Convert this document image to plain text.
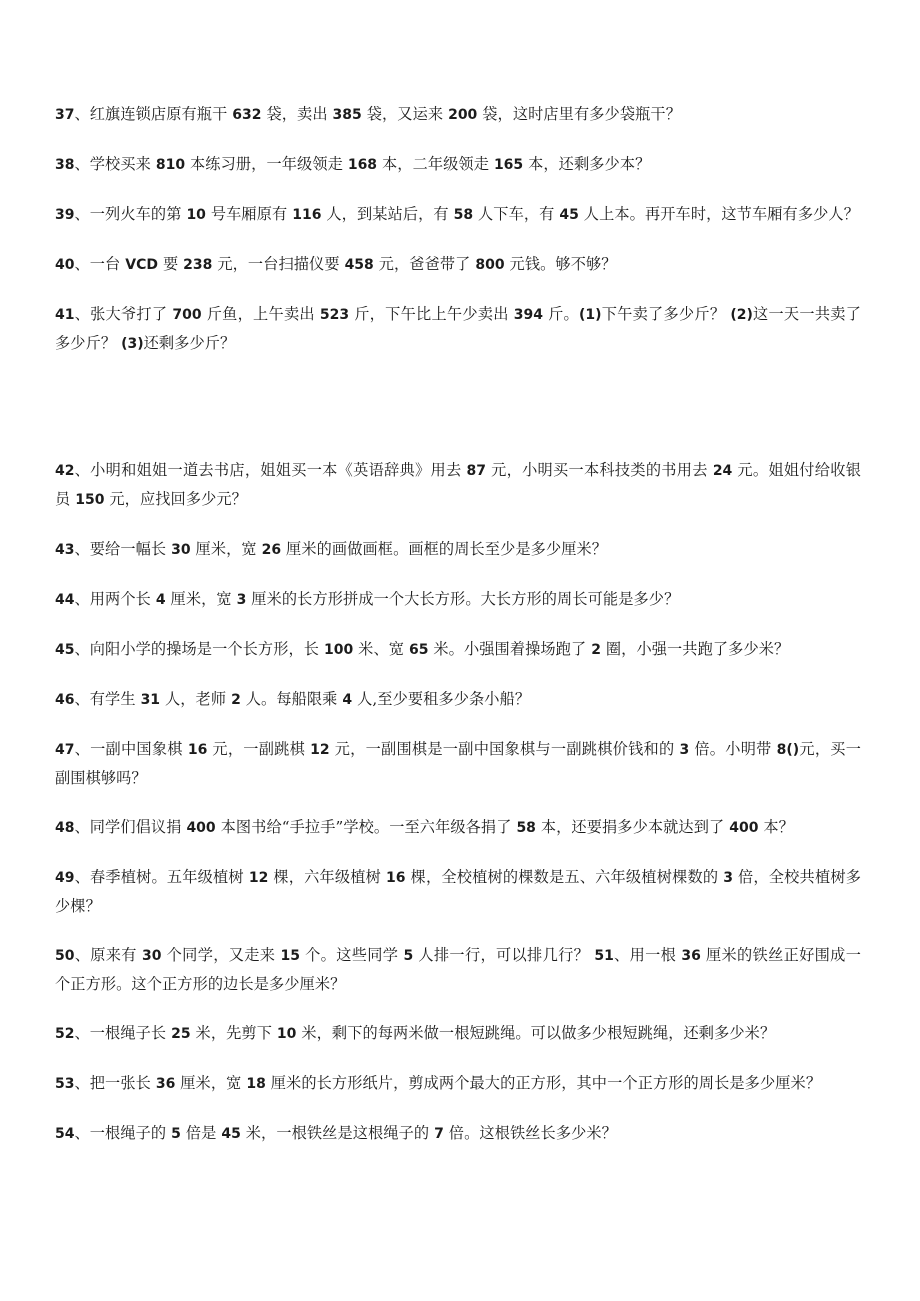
37、红旗连锁店原有瓶干 632 袋，卖出 385 袋，又运来 200 袋，这时店里有多少袋瓶干？
38、学校买来 810 本练习册，一年级领走 168 本，二年级领走 165 本，还剩多少本？
39、一列火车的第 10 号车厢原有 116 人，到某站后，有 58 人下车，有 45 人上本。再开车时，这节车厢有多少人？
40、一台 VCD 要 238 元，一台扫描仪要 458 元，爸爸带了 800 元钱。够不够？
41、张大爷打了 700 斤鱼，上午卖出 523 斤，下午比上午少卖出 394 斤。(1)下午卖了多少斤？ (2)这一天一共卖了多少斤？ (3)还剩多少斤？
42、小明和姐姐一道去书店，姐姐买一本《英语辞典》用去 87 元，小明买一本科技类的书用去 24 元。姐姐付给收银员 150 元，应找回多少元？
43、要给一幅长 30 厘米，宽 26 厘米的画做画框。画框的周长至少是多少厘米？
44、用两个长 4 厘米，宽 3 厘米的长方形拼成一个大长方形。大长方形的周长可能是多少？
45、向阳小学的操场是一个长方形，长 100 米、宽 65 米。小强围着操场跑了 2 圈，小强一共跑了多少米？
46、有学生 31 人，老师 2 人。每船限乘 4 人,至少要租多少条小船？
47、一副中国象棋 16 元，一副跳棋 12 元，一副围棋是一副中国象棋与一副跳棋价钱和的 3 倍。小明带 8()元，买一副围棋够吗？
48、同学们倡议捐 400 本图书给“手拉手”学校。一至六年级各捐了 58 本，还要捐多少本就达到了 400 本？
49、春季植树。五年级植树 12 棵，六年级植树 16 棵，全校植树的棵数是五、六年级植树棵数的 3 倍，全校共植树多少棵？
50、原来有 30 个同学，又走来 15 个。这些同学 5 人排一行，可以排几行？ 51、用一根 36 厘米的铁丝正好围成一个正方形。这个正方形的边长是多少厘米？
52、一根绳子长 25 米，先剪下 10 米，剩下的每两米做一根短跳绳。可以做多少根短跳绳，还剩多少米？
53、把一张长 36 厘米，宽 18 厘米的长方形纸片，剪成两个最大的正方形，其中一个正方形的周长是多少厘米？
54、一根绳子的 5 倍是 45 米，一根铁丝是这根绳子的 7 倍。这根铁丝长多少米？
